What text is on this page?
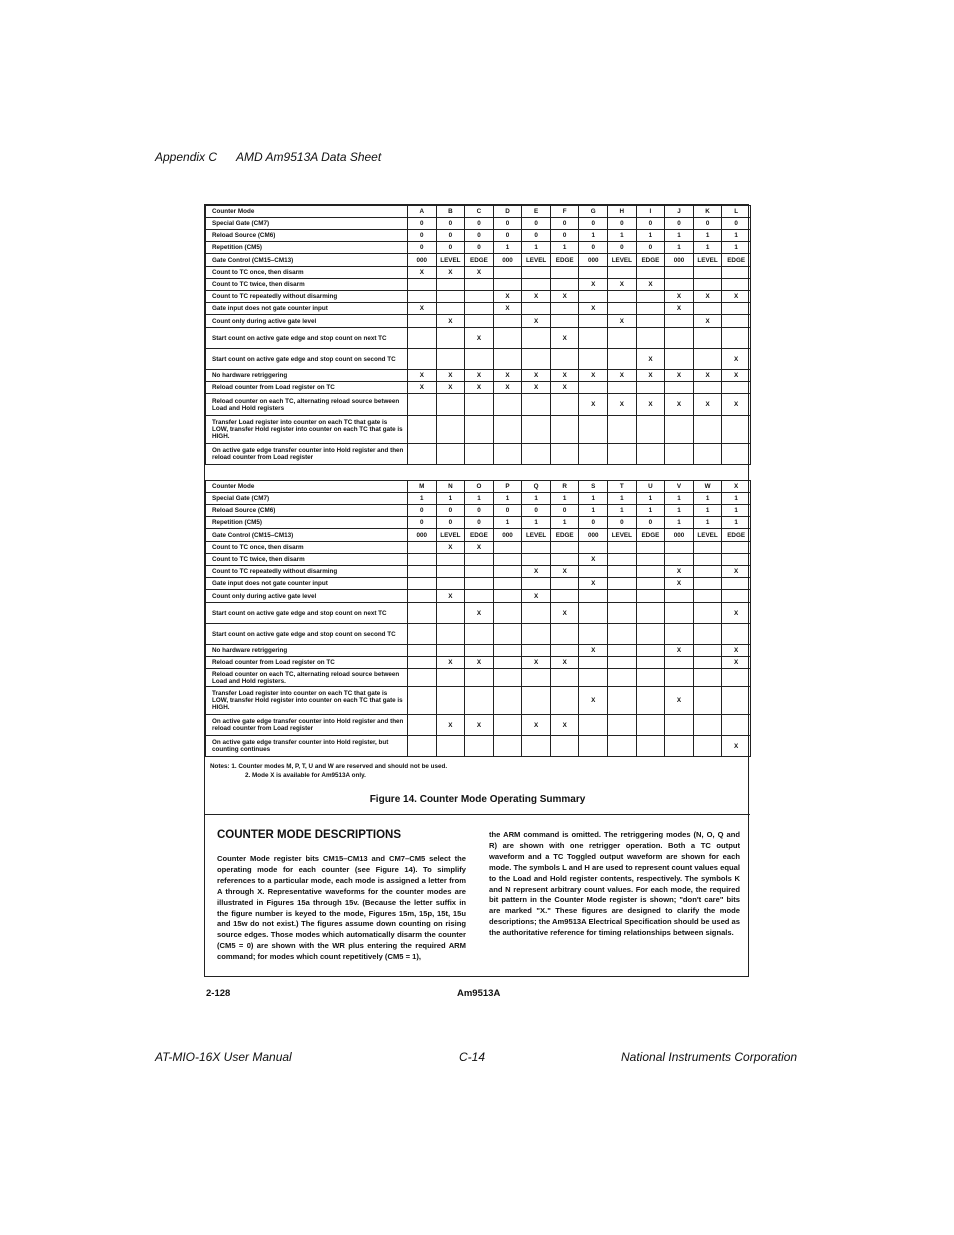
Appendix C AMD Am9513A Data Sheet
Counter Mode	A	B	C	D	E	F	G	H	I	J	K	L
Special Gate (CM7)	0	0	0	0	0	0	0	0	0	0	0	0
Reload Source (CM6)	0	0	0	0	0	0	1	1	1	1	1	1
Repetition (CM5)	0	0	0	1	1	1	0	0	0	1	1	1
Gate Control (CM15–CM13)	000	LEVEL	EDGE	000	LEVEL	EDGE	000	LEVEL	EDGE	000	LEVEL	EDGE
Count to TC once, then disarm	X	X	X									
Count to TC twice, then disarm							X	X	X			
Count to TC repeatedly without disarming				X	X	X				X	X	X
Gate input does not gate counter input	X			X			X			X		
Count only during active gate level		X			X			X			X	
Start count on active gate edge and stop count on next TC			X			X						
Start count on active gate edge and stop count on second TC									X			X
No hardware retriggering	X	X	X	X	X	X	X	X	X	X	X	X
Reload counter from Load register on TC	X	X	X	X	X	X						
Reload counter on each TC, alternating reload source between Load and Hold registers							X	X	X	X	X	X
Transfer Load register into counter on each TC that gate is LOW, transfer Hold register into counter on each TC that gate is HIGH.												
On active gate edge transfer counter into Hold register and then reload counter from Load register												
Counter Mode	M	N	O	P	Q	R	S	T	U	V	W	X
Special Gate (CM7)	1	1	1	1	1	1	1	1	1	1	1	1
Reload Source (CM6)	0	0	0	0	0	0	1	1	1	1	1	1
Repetition (CM5)	0	0	0	1	1	1	0	0	0	1	1	1
Gate Control (CM15–CM13)	000	LEVEL	EDGE	000	LEVEL	EDGE	000	LEVEL	EDGE	000	LEVEL	EDGE
Count to TC once, then disarm		X	X									
Count to TC twice, then disarm							X					
Count to TC repeatedly without disarming					X	X				X		X
Gate input does not gate counter input							X			X		
Count only during active gate level		X			X							
Start count on active gate edge and stop count on next TC			X			X						X
Start count on active gate edge and stop count on second TC												
No hardware retriggering							X			X		X
Reload counter from Load register on TC		X	X		X	X						X
Reload counter on each TC, alternating reload source between Load and Hold registers.												
Transfer Load register into counter on each TC that gate is LOW, transfer Hold register into counter on each TC that gate is HIGH.							X			X		
On active gate edge transfer counter into Hold register and then reload counter from Load register		X	X		X	X						
On active gate edge transfer counter into Hold register, but counting continues												X
Notes: 1. Counter modes M, P, T, U and W are reserved and should not be used.
2. Mode X is available for Am9513A only.
Figure 14. Counter Mode Operating Summary
COUNTER MODE DESCRIPTIONS
Counter Mode register bits CM15–CM13 and CM7–CM5 select the operating mode for each counter (see Figure 14). To simplify references to a particular mode, each mode is assigned a letter from A through X. Representative waveforms for the counter modes are illustrated in Figures 15a through 15v. (Because the letter suffix in the figure number is keyed to the mode, Figures 15m, 15p, 15t, 15u and 15w do not exist.) The figures assume down counting on rising source edges. Those modes which automatically disarm the counter (CM5 = 0) are shown with the WR plus entering the required ARM command; for modes which count repetitively (CM5 = 1),
the ARM command is omitted. The retriggering modes (N, O, Q and R) are shown with one retrigger operation. Both a TC output waveform and a TC Toggled output waveform are shown for each mode. The symbols L and H are used to represent count values equal to the Load and Hold register contents, respectively. The symbols K and N represent arbitrary count values. For each mode, the required bit pattern in the Counter Mode register is shown; "don't care" bits are marked "X." These figures are designed to clarify the mode descriptions; the Am9513A Electrical Specification should be used as the authoritative reference for timing relationships between signals.
2-128	Am9513A
AT-MIO-16X User Manual	C-14	National Instruments Corporation
